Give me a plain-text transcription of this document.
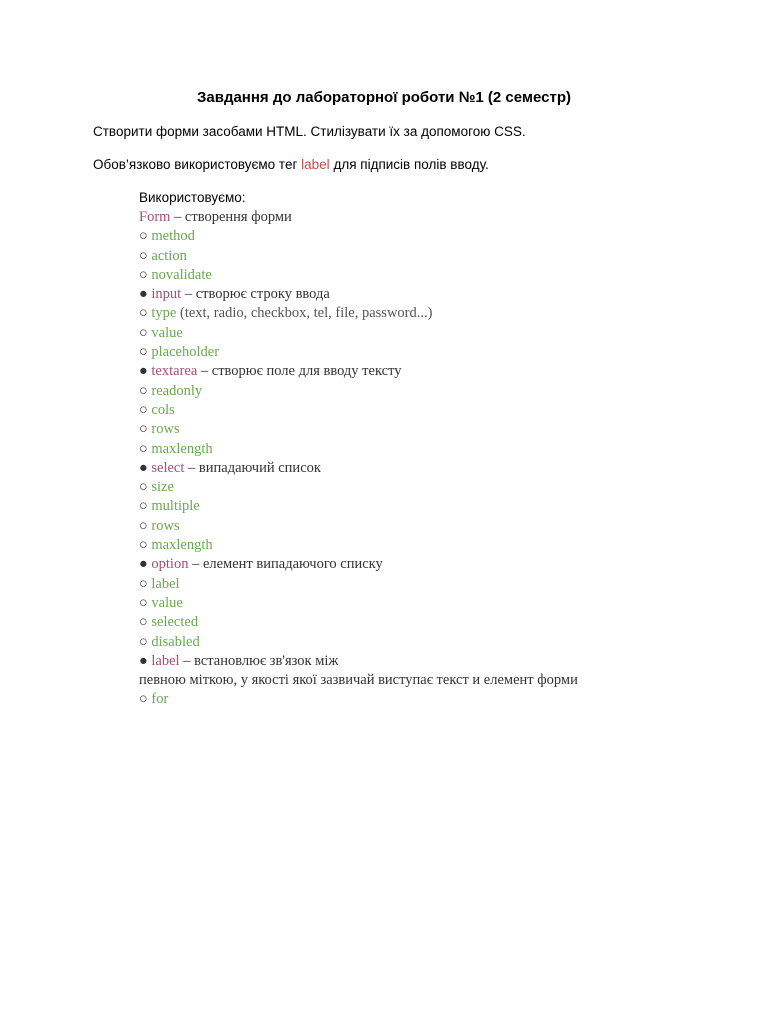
Завдання до лабораторної роботи №1 (2 семестр)
Створити форми засобами HTML. Стилізувати їх за допомогою CSS.
Обов’язково використовуємо тег label для підписів полів вводу.
Використовуємо:
Form – створення форми
○ method
○ action
○ novalidate
● input – створює строку ввода
○ type (text, radio, checkbox, tel, file, password...)
○ value
○ placeholder
● textarea – створює поле для вводу тексту
○ readonly
○ cols
○ rows
○ maxlength
● select – випадаючий список
○ size
○ multiple
○ rows
○ maxlength
● option – елемент випадаючого списку
○ label
○ value
○ selected
○ disabled
● label – встановлює зв'язок між
певною міткою, у якості якої зазвичай виступає текст и елемент форми
○ for
